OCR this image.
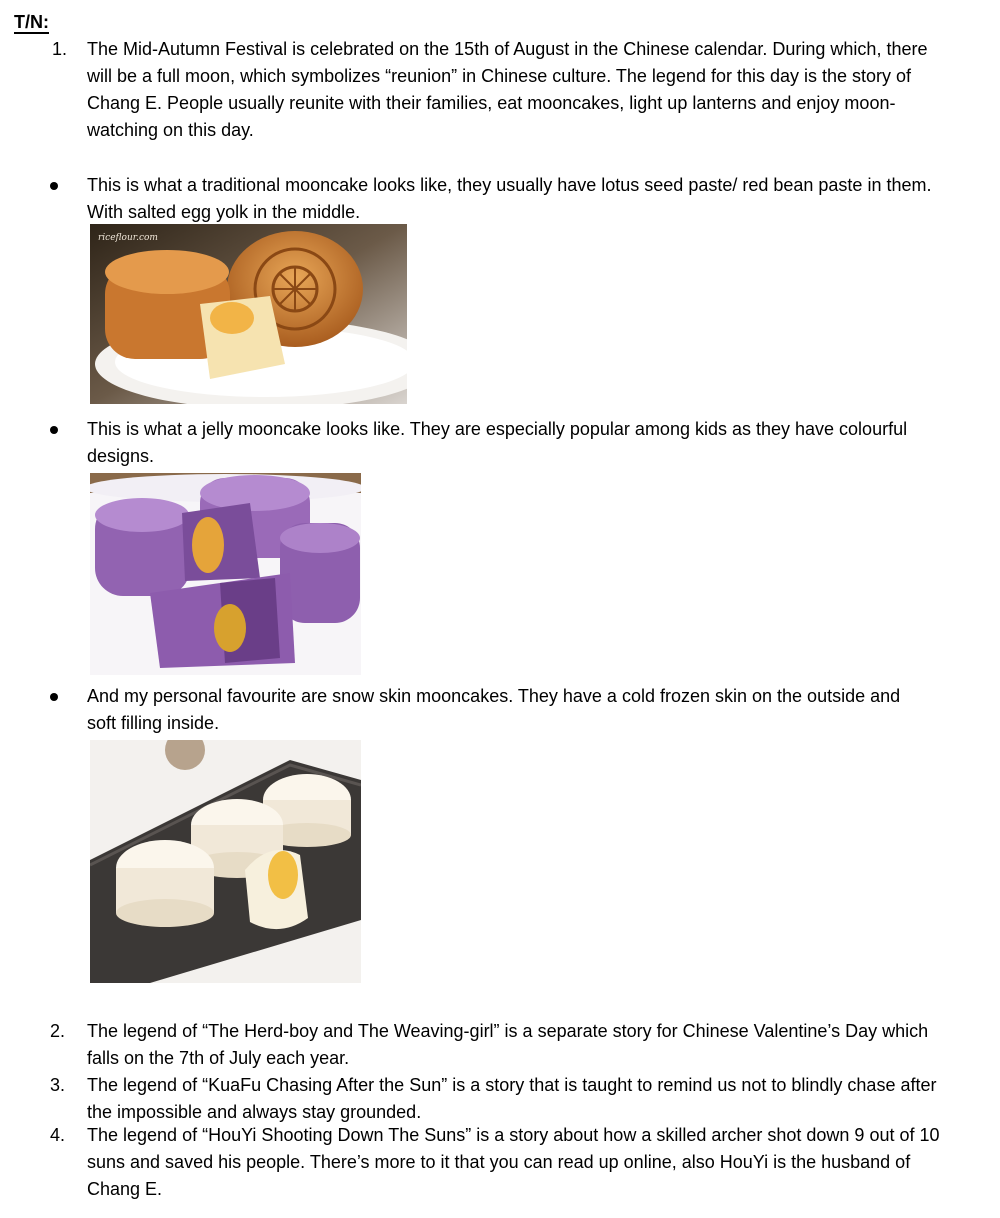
T/N:
1. The Mid-Autumn Festival is celebrated on the 15th of August in the Chinese calendar. During which, there will be a full moon, which symbolizes “reunion” in Chinese culture. The legend for this day is the story of Chang E. People usually reunite with their families, eat mooncakes, light up lanterns and enjoy moon-watching on this day.
This is what a traditional mooncake looks like, they usually have lotus seed paste/ red bean paste in them. With salted egg yolk in the middle.
riceflour.com
This is what a jelly mooncake looks like. They are especially popular among kids as they have colourful designs.
And my personal favourite are snow skin mooncakes. They have a cold frozen skin on the outside and soft filling inside.
2. The legend of “The Herd-boy and The Weaving-girl” is a separate story for Chinese Valentine’s Day which falls on the 7th of July each year.
3. The legend of “KuaFu Chasing After the Sun” is a story that is taught to remind us not to blindly chase after the impossible and always stay grounded.
4. The legend of “HouYi Shooting Down The Suns” is a story about how a skilled archer shot down 9 out of 10 suns and saved his people. There’s more to it that you can read up online, also HouYi is the husband of Chang E.
